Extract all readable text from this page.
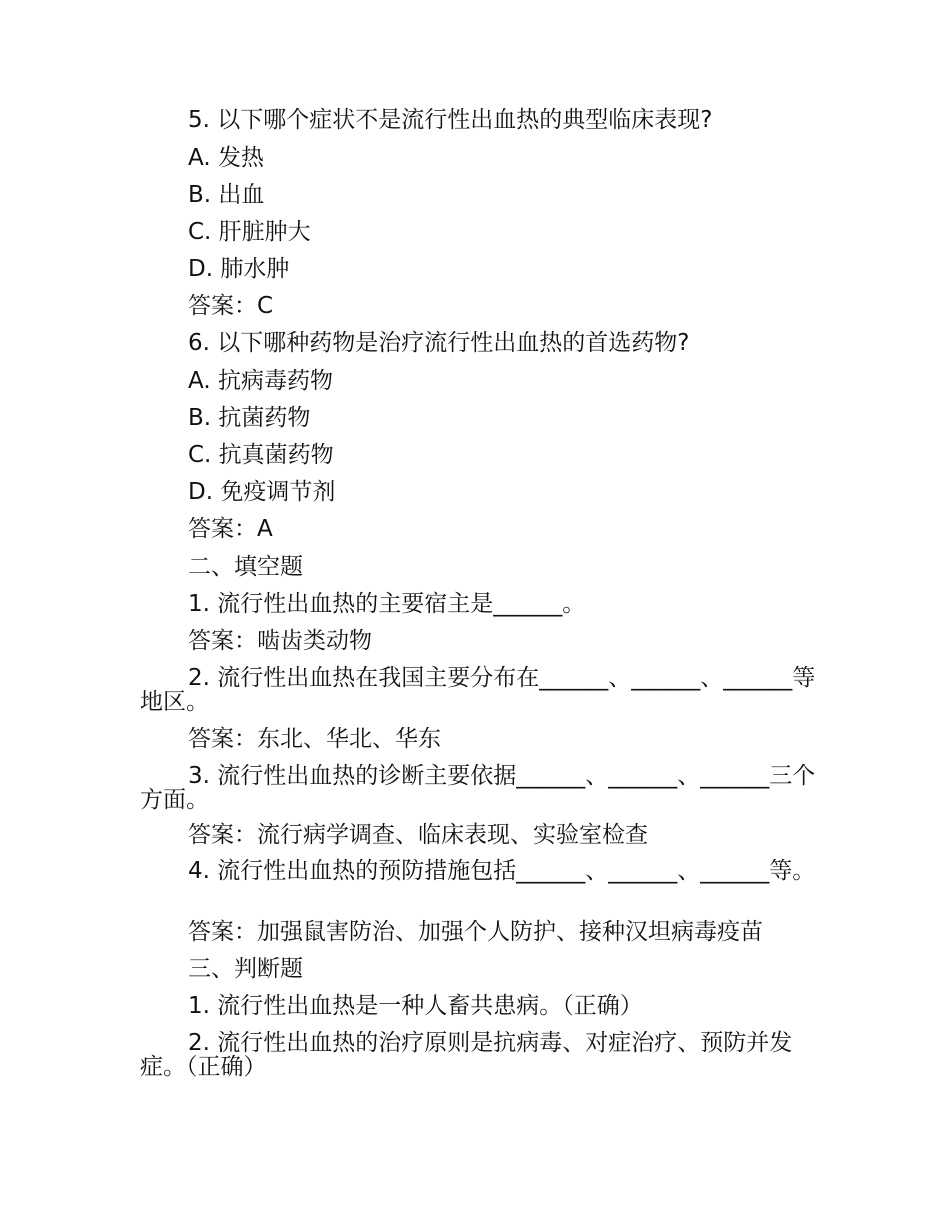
5. 以下哪个症状不是流行性出血热的典型临床表现?
A. 发热
B. 出血
C. 肝脏肿大
D. 肺水肿
答案：C
6. 以下哪种药物是治疗流行性出血热的首选药物?
A. 抗病毒药物
B. 抗菌药物
C. 抗真菌药物
D. 免疫调节剂
答案：A
二、填空题
1. 流行性出血热的主要宿主是______。
答案：啮齿类动物
2. 流行性出血热在我国主要分布在______、______、______等地区。
答案：东北、华北、华东
3. 流行性出血热的诊断主要依据______、______、______三个方面。
答案：流行病学调查、临床表现、实验室检查
4. 流行性出血热的预防措施包括______、______、______等。
答案：加强鼠害防治、加强个人防护、接种汉坦病毒疫苗
三、判断题
1. 流行性出血热是一种人畜共患病。（正确）
2. 流行性出血热的治疗原则是抗病毒、对症治疗、预防并发症。（正确）
